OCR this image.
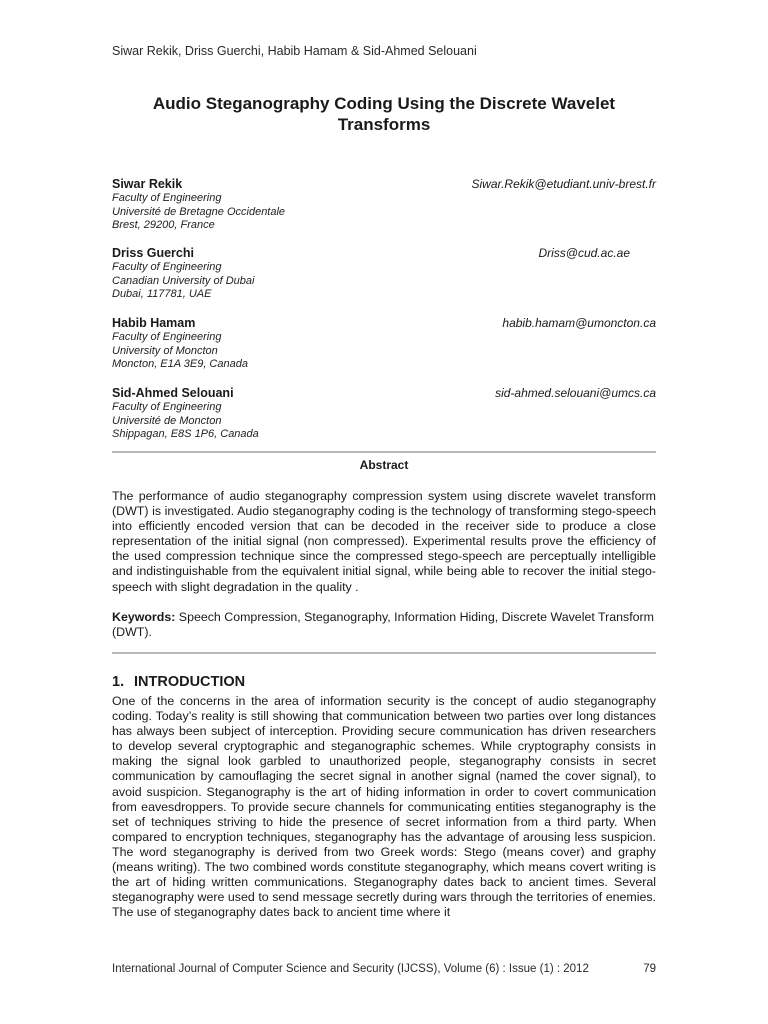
Siwar Rekik, Driss Guerchi, Habib Hamam & Sid-Ahmed Selouani
Audio Steganography Coding Using the Discrete Wavelet
Transforms
Siwar Rekik	Siwar.Rekik@etudiant.univ-brest.fr
Faculty of Engineering
Université de Bretagne Occidentale
Brest, 29200, France
Driss Guerchi	Driss@cud.ac.ae
Faculty of Engineering
Canadian University of Dubai
Dubai, 117781, UAE
Habib Hamam	habib.hamam@umoncton.ca
Faculty of Engineering
University of Moncton
Moncton, E1A 3E9, Canada
Sid-Ahmed Selouani	sid-ahmed.selouani@umcs.ca
Faculty of Engineering
Université de Moncton
Shippagan, E8S 1P6, Canada
Abstract
The performance of audio steganography compression system using discrete wavelet transform (DWT) is investigated. Audio steganography coding is the technology of transforming stego-speech into efficiently encoded version that can be decoded in the receiver side to produce a close representation of the initial signal (non compressed). Experimental results prove the efficiency of the used compression technique since the compressed stego-speech are perceptually intelligible and indistinguishable from the equivalent initial signal, while being able to recover the initial stego-speech with slight degradation in the quality .
Keywords: Speech Compression, Steganography, Information Hiding, Discrete Wavelet Transform (DWT).
1. INTRODUCTION
One of the concerns in the area of information security is the concept of audio steganography coding. Today’s reality is still showing that communication between two parties over long distances has always been subject of interception. Providing secure communication has driven researchers to develop several cryptographic and steganographic schemes. While cryptography consists in making the signal look garbled to unauthorized people, steganography consists in secret communication by camouflaging the secret signal in another signal (named the cover signal), to avoid suspicion. Steganography is the art of hiding information in order to covert communication from eavesdroppers. To provide secure channels for communicating entities steganography is the set of techniques striving to hide the presence of secret information from a third party. When compared to encryption techniques, steganography has the advantage of arousing less suspicion. The word steganography is derived from two Greek words: Stego (means cover) and graphy (means writing). The two combined words constitute steganography, which means covert writing is the art of hiding written communications. Steganography dates back to ancient times. Several steganography were used to send message secretly during wars through the territories of enemies. The use of steganography dates back to ancient time where it
International Journal of Computer Science and Security (IJCSS), Volume (6) : Issue (1) : 2012	79
